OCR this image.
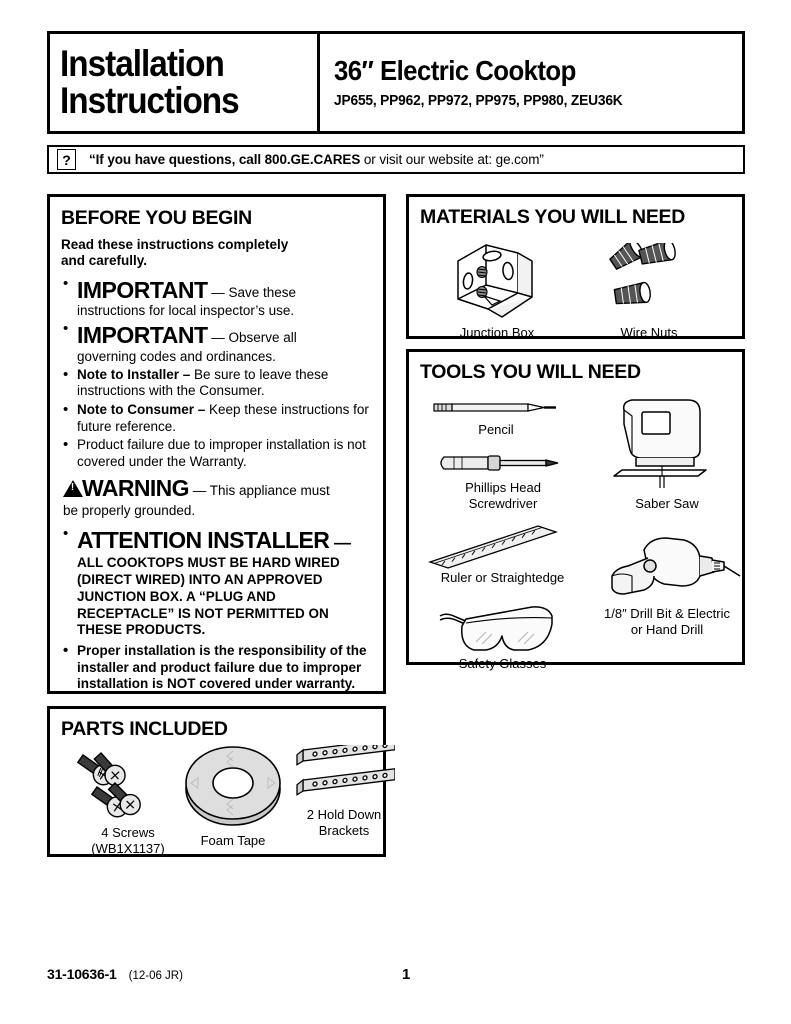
Installation
Instructions
36″ Electric Cooktop
JP655, PP962, PP972, PP975, PP980, ZEU36K
?	“If you have questions, call 800.GE.CARES or visit our website at: ge.com”
BEFORE YOU BEGIN
Read these instructions completely
and carefully.
• IMPORTANT — Save these
instructions for local inspector’s use.
• IMPORTANT — Observe all
governing codes and ordinances.
• Note to Installer – Be sure to leave these instructions with the Consumer.
• Note to Consumer – Keep these instructions for future reference.
• Product failure due to improper installation is not covered under the Warranty.
!WARNING — This appliance must
be properly grounded.
• ATTENTION INSTALLER —
ALL COOKTOPS MUST BE HARD WIRED (DIRECT WIRED) INTO AN APPROVED JUNCTION BOX. A “PLUG AND RECEPTACLE” IS NOT PERMITTED ON THESE PRODUCTS.
• Proper installation is the responsibility of the installer and product failure due to improper installation is NOT covered under warranty.
PARTS INCLUDED
4 Screws
(WB1X1137)
Foam Tape
2 Hold Down
Brackets
MATERIALS YOU WILL NEED
Junction Box	Wire Nuts
TOOLS YOU WILL NEED
Pencil
Phillips Head
Screwdriver
Ruler or Straightedge
Safety Glasses
Saber Saw
1/8″ Drill Bit & Electric
or Hand Drill
31-10636-1 (12-06 JR)	1
